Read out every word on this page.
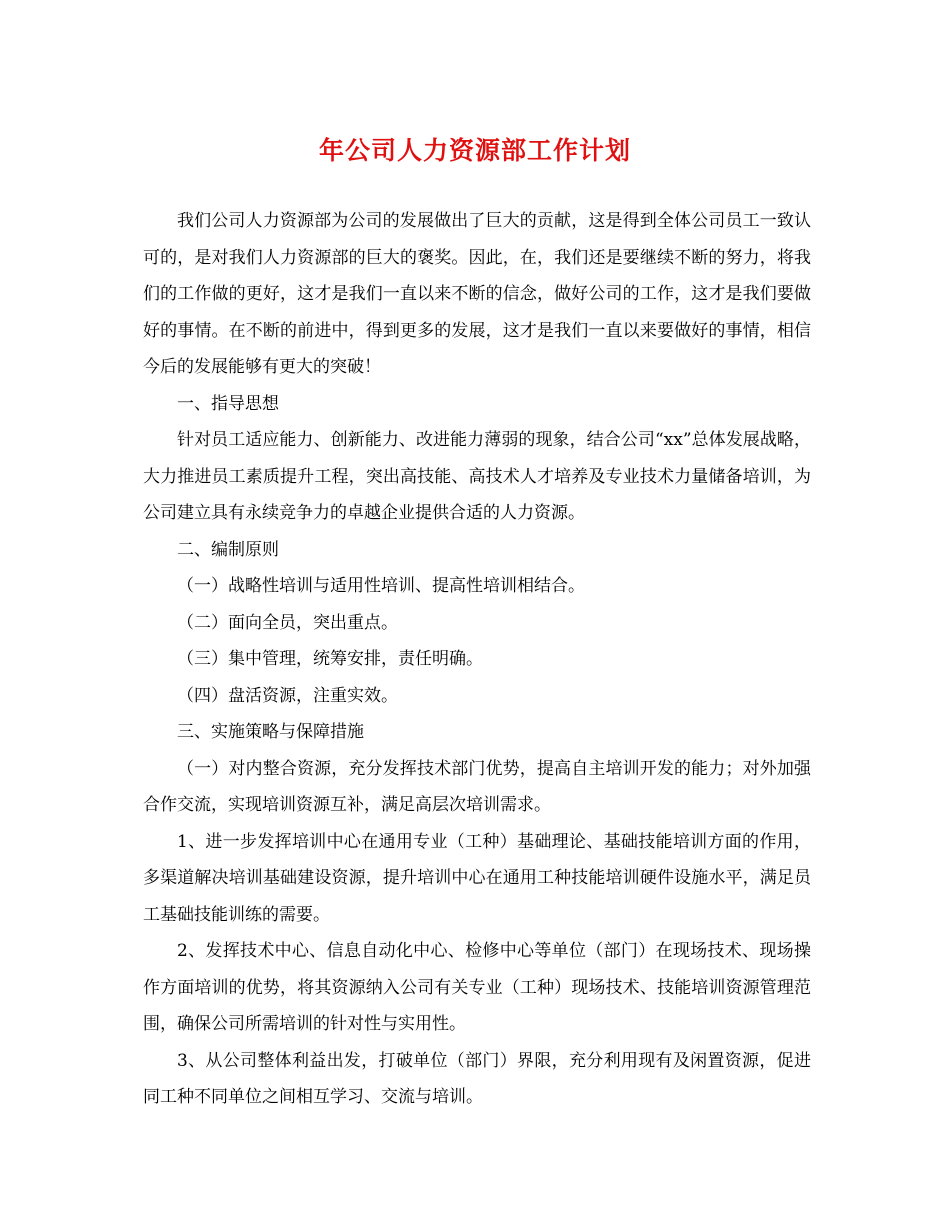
年公司人力资源部工作计划

我们公司人力资源部为公司的发展做出了巨大的贡献，这是得到全体公司员工一致认可的，是对我们人力资源部的巨大的褒奖。因此，在，我们还是要继续不断的努力，将我们的工作做的更好，这才是我们一直以来不断的信念，做好公司的工作，这才是我们要做好的事情。在不断的前进中，得到更多的发展，这才是我们一直以来要做好的事情，相信今后的发展能够有更大的突破！

一、指导思想

针对员工适应能力、创新能力、改进能力薄弱的现象，结合公司“xx”总体发展战略，大力推进员工素质提升工程，突出高技能、高技术人才培养及专业技术力量储备培训，为公司建立具有永续竞争力的卓越企业提供合适的人力资源。

二、编制原则

（一）战略性培训与适用性培训、提高性培训相结合。

（二）面向全员，突出重点。

（三）集中管理，统筹安排，责任明确。

（四）盘活资源，注重实效。

三、实施策略与保障措施

（一）对内整合资源，充分发挥技术部门优势，提高自主培训开发的能力；对外加强合作交流，实现培训资源互补，满足高层次培训需求。

1、进一步发挥培训中心在通用专业（工种）基础理论、基础技能培训方面的作用，多渠道解决培训基础建设资源，提升培训中心在通用工种技能培训硬件设施水平，满足员工基础技能训练的需要。

2、发挥技术中心、信息自动化中心、检修中心等单位（部门）在现场技术、现场操作方面培训的优势，将其资源纳入公司有关专业（工种）现场技术、技能培训资源管理范围，确保公司所需培训的针对性与实用性。

3、从公司整体利益出发，打破单位（部门）界限，充分利用现有及闲置资源，促进同工种不同单位之间相互学习、交流与培训。
